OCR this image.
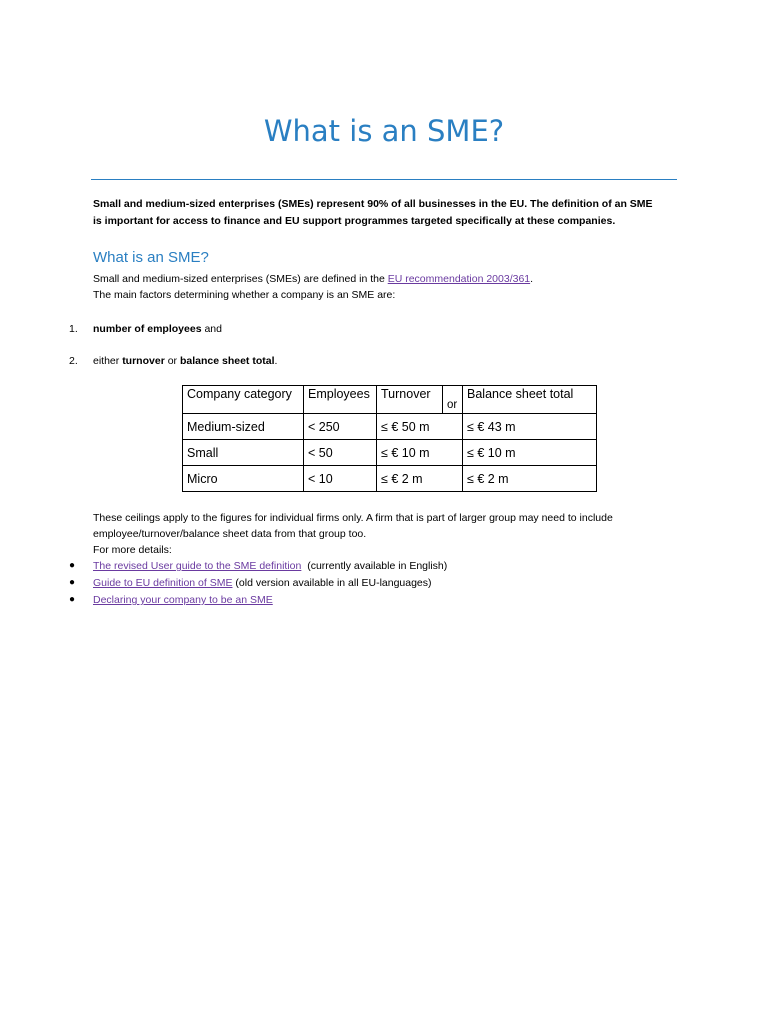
What is an SME?

Small and medium-sized enterprises (SMEs) represent 90% of all businesses in the EU. The definition of an SME is important for access to finance and EU support programmes targeted specifically at these companies.

What is an SME?

Small and medium-sized enterprises (SMEs) are defined in the EU recommendation 2003/361.

The main factors determining whether a company is an SME are:

1. number of employees and
2. either turnover or balance sheet total.
Company category	Employees	Turnover	or	Balance sheet total
Medium-sized	< 250	≤ € 50 m		≤ € 43 m
Small	< 50	≤ € 10 m		≤ € 10 m
Micro	< 10	≤ € 2 m		≤ € 2 m

These ceilings apply to the figures for individual firms only. A firm that is part of larger group may need to include employee/turnover/balance sheet data from that group too.

For more details:

● The revised User guide to the SME definition  (currently available in English)
● Guide to EU definition of SME (old version available in all EU-languages)
● Declaring your company to be an SME
